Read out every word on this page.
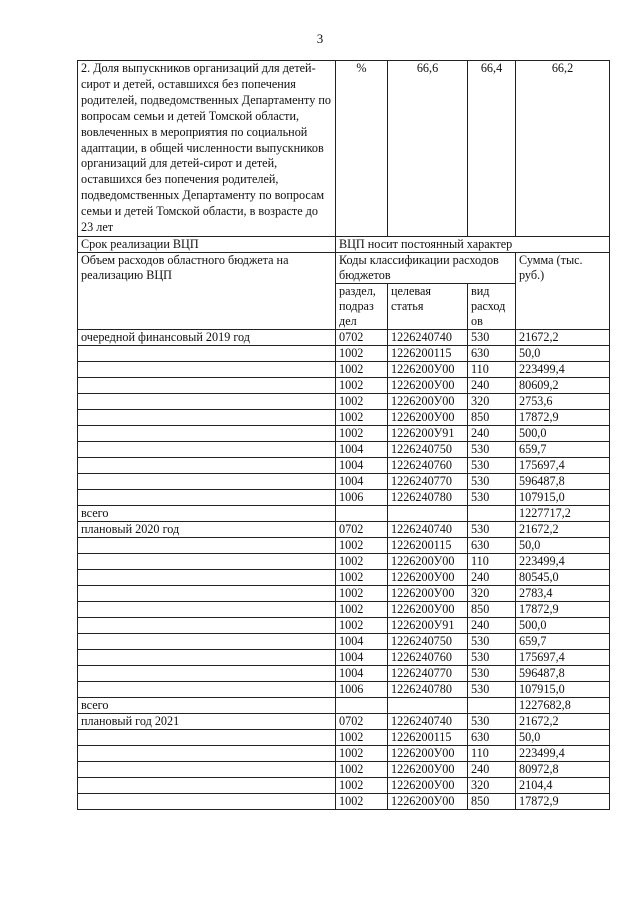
3
2. Доля выпускников организаций для детей-сирот и детей, оставшихся без попечения родителей, подведомственных Департаменту по вопросам семьи и детей Томской области, вовлеченных в мероприятия по социальной адаптации, в общей численности выпускников организаций для детей-сирот и детей, оставшихся без попечения родителей, подведомственных Департаменту по вопросам семьи и детей Томской области, в возрасте до 23 лет	%	66,6	66,4	66,2
Срок реализации ВЦП	ВЦП носит постоянный характер			
Объем расходов областного бюджета на реализацию ВЦП	Коды классификации расходов бюджетов			Сумма (тыс. руб.)
	раздел, подраз дел	целевая статья	вид расход ов	
очередной финансовый 2019 год	0702	1226240740	530	21672,2
	1002	1226200115	630	50,0
	1002	1226200У00	110	223499,4
	1002	1226200У00	240	80609,2
	1002	1226200У00	320	2753,6
	1002	1226200У00	850	17872,9
	1002	1226200У91	240	500,0
	1004	1226240750	530	659,7
	1004	1226240760	530	175697,4
	1004	1226240770	530	596487,8
	1006	1226240780	530	107915,0
всего				1227717,2
плановый 2020 год	0702	1226240740	530	21672,2
	1002	1226200115	630	50,0
	1002	1226200У00	110	223499,4
	1002	1226200У00	240	80545,0
	1002	1226200У00	320	2783,4
	1002	1226200У00	850	17872,9
	1002	1226200У91	240	500,0
	1004	1226240750	530	659,7
	1004	1226240760	530	175697,4
	1004	1226240770	530	596487,8
	1006	1226240780	530	107915,0
всего				1227682,8
плановый год 2021	0702	1226240740	530	21672,2
	1002	1226200115	630	50,0
	1002	1226200У00	110	223499,4
	1002	1226200У00	240	80972,8
	1002	1226200У00	320	2104,4
	1002	1226200У00	850	17872,9
